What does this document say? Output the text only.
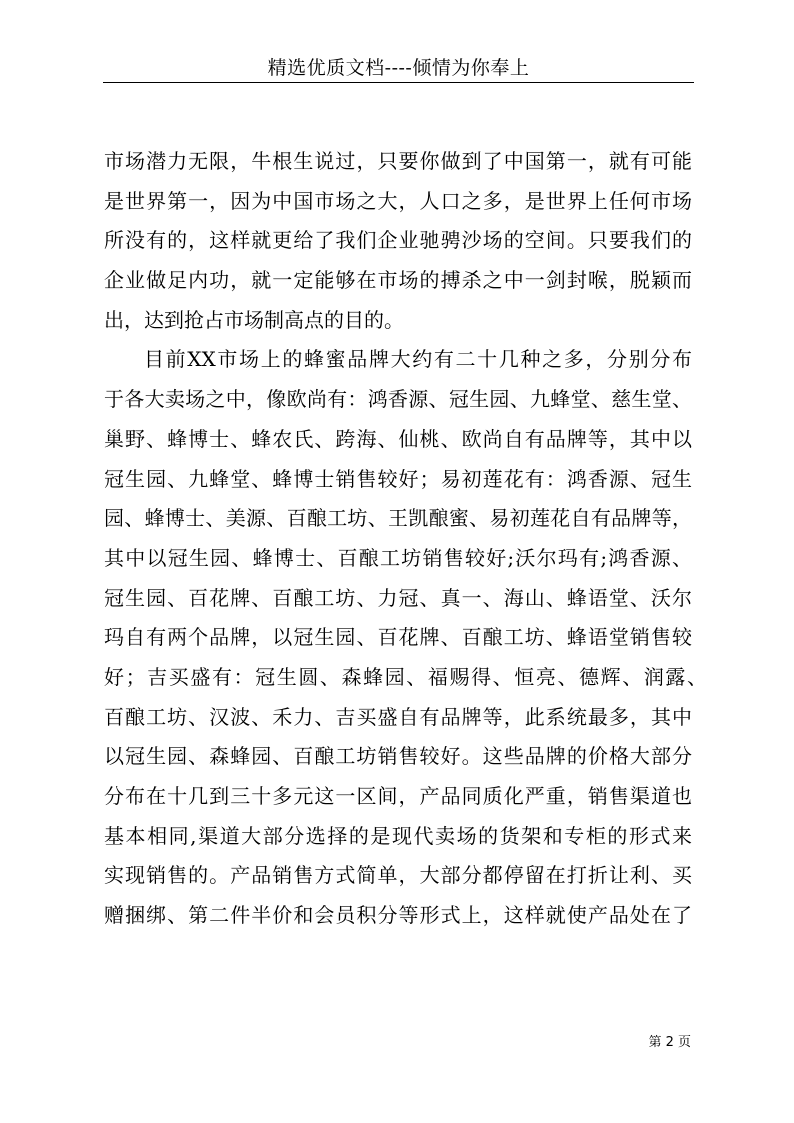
精选优质文档----倾情为你奉上
市场潜力无限，牛根生说过，只要你做到了中国第一，就有可能
是世界第一，因为中国市场之大，人口之多，是世界上任何市场
所没有的，这样就更给了我们企业驰骋沙场的空间。只要我们的
企业做足内功，就一定能够在市场的搏杀之中一剑封喉，脱颖而
出，达到抢占市场制高点的目的。
目前XX市场上的蜂蜜品牌大约有二十几种之多，分别分布
于各大卖场之中，像欧尚有：鸿香源、冠生园、九蜂堂、慈生堂、
巢野、蜂博士、蜂农氏、跨海、仙桃、欧尚自有品牌等，其中以
冠生园、九蜂堂、蜂博士销售较好；易初莲花有：鸿香源、冠生
园、蜂博士、美源、百酿工坊、王凯酿蜜、易初莲花自有品牌等，
其中以冠生园、蜂博士、百酿工坊销售较好;沃尔玛有;鸿香源、
冠生园、百花牌、百酿工坊、力冠、真一、海山、蜂语堂、沃尔
玛自有两个品牌，以冠生园、百花牌、百酿工坊、蜂语堂销售较
好；吉买盛有：冠生圆、森蜂园、福赐得、恒亮、德辉、润露、
百酿工坊、汉波、禾力、吉买盛自有品牌等，此系统最多，其中
以冠生园、森蜂园、百酿工坊销售较好。这些品牌的价格大部分
分布在十几到三十多元这一区间，产品同质化严重，销售渠道也
基本相同,渠道大部分选择的是现代卖场的货架和专柜的形式来
实现销售的。产品销售方式简单，大部分都停留在打折让利、买
赠捆绑、第二件半价和会员积分等形式上，这样就使产品处在了
第 2 页
